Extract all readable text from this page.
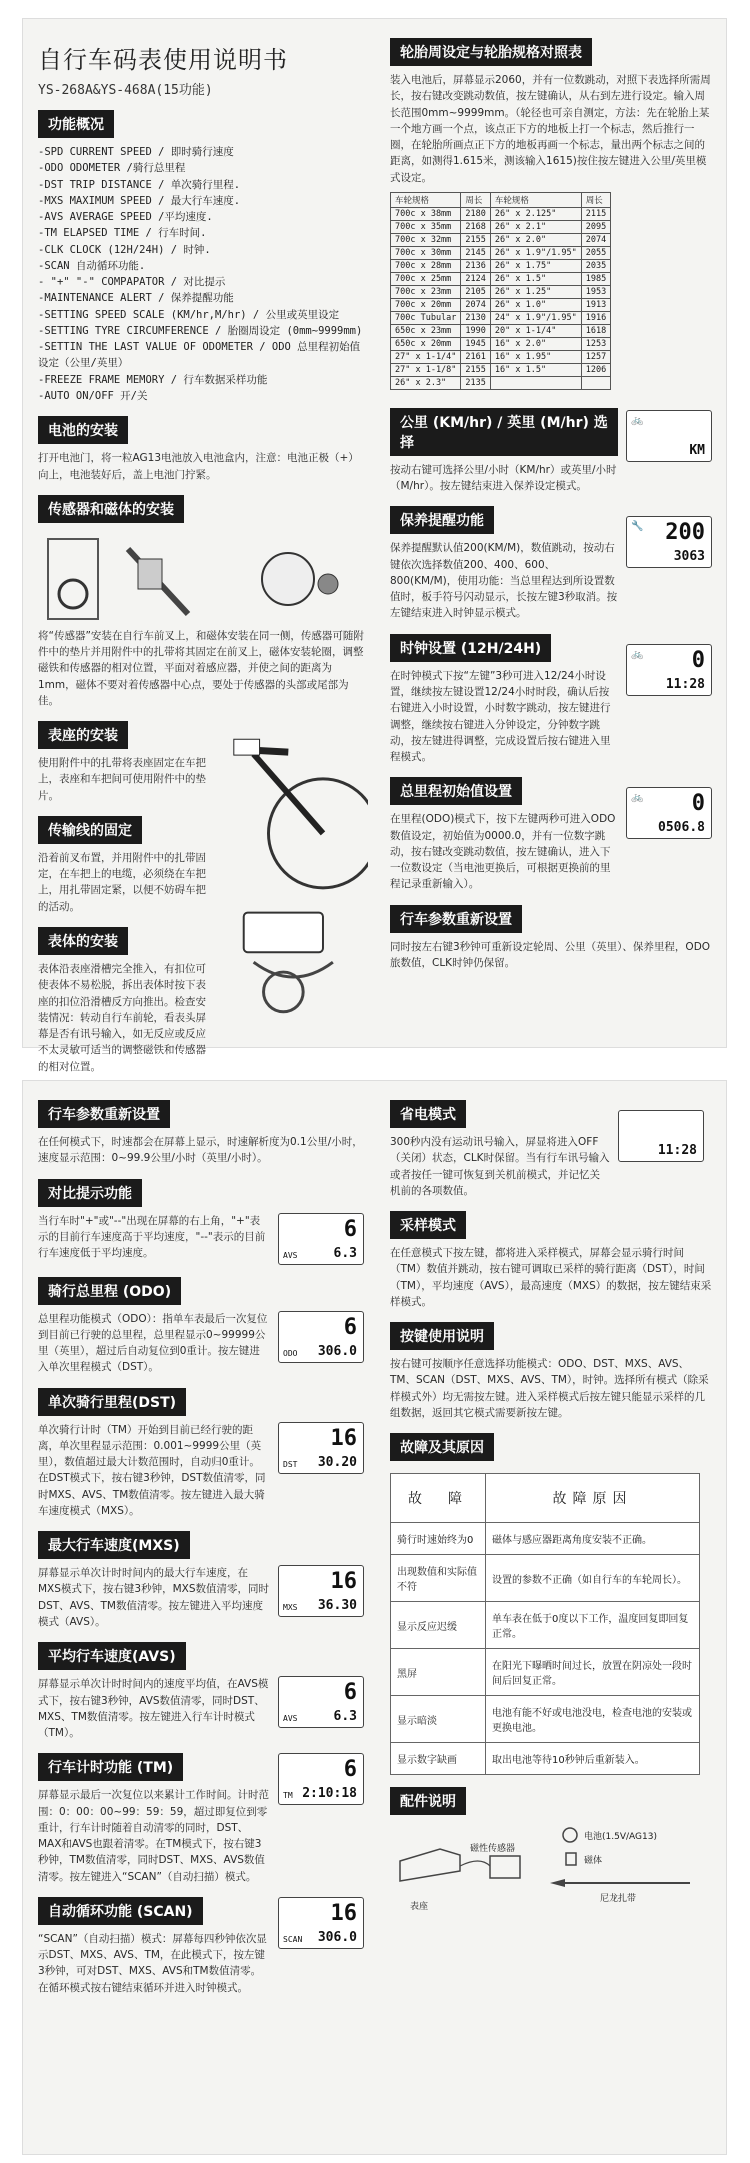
自行车码表使用说明书
YS-268A&YS-468A(15功能)
功能概况
-SPD CURRENT SPEED / 即时骑行速度
-ODO ODOMETER /骑行总里程
-DST TRIP DISTANCE / 单次骑行里程.
-MXS MAXIMUM SPEED / 最大行车速度.
-AVS AVERAGE SPEED /平均速度.
-TM ELAPSED TIME / 行车时间.
-CLK CLOCK (12H/24H) / 时钟.
-SCAN 自动循环功能.
- "+" "-" COMPAPATOR / 对比提示
-MAINTENANCE ALERT / 保养提醒功能
-SETTING SPEED SCALE (KM/hr,M/hr) / 公里或英里设定
-SETTING TYRE CIRCUMFERENCE / 胎圈周设定 (0mm~9999mm)
-SETTIN THE LAST VALUE OF ODOMETER / ODO 总里程初始值设定（公里/英里）
-FREEZE FRAME MEMORY / 行车数据采样功能
-AUTO ON/OFF 开/关
电池的安装
打开电池门，将一粒AG13电池放入电池盒内，注意：电池正极（+）向上，电池装好后，盖上电池门拧紧。
传感器和磁体的安装
将“传感器”安装在自行车前叉上，和磁体安装在同一侧，传感器可随附件中的垫片并用附件中的扎带将其固定在前叉上，磁体安装轮圈，调整磁铁和传感器的相对位置，平面对着感应器，并使之间的距离为1mm，磁体不要对着传感器中心点，要处于传感器的头部或尾部为佳。
表座的安装
使用附件中的扎带将表座固定在车把上，表座和车把间可使用附件中的垫片。
传输线的固定
沿着前叉布置，并用附件中的扎带固定，在车把上的电缆，必须绕在车把上，用扎带固定紧，以便不妨碍车把的活动。
表体的安装
表体沿表座滑槽完全推入，有扣位可使表体不易松脱，拆出表体时按下表座的扣位沿滑槽反方向推出。检查安装情况：转动自行车前轮，看表头屏幕是否有讯号输入，如无反应或反应不太灵敏可适当的调整磁铁和传感器的相对位置。
轮胎周设定与轮胎规格对照表
装入电池后，屏幕显示2060，并有一位数跳动，对照下表选择所需周长，按右键改变跳动数值，按左键确认，从右到左进行设定。输入周长范围0mm~9999mm。（轮径也可亲自测定，方法：先在轮胎上某一个地方画一个点，该点正下方的地板上打一个标志，然后推行一圈，在轮胎所画点正下方的地板再画一个标志，量出两个标志之间的距离，如测得1.615米，测该输入1615)按住按左键进入公里/英里模式设定。
车轮规格	周长	车轮规格	周长
700c x 38mm	2180	26" x 2.125"	2115
700c x 35mm	2168	26" x 2.1"	2095
700c x 32mm	2155	26" x 2.0"	2074
700c x 30mm	2145	26" x 1.9"/1.95"	2055
700c x 28mm	2136	26" x 1.75"	2035
700c x 25mm	2124	26" x 1.5"	1985
700c x 23mm	2105	26" x 1.25"	1953
700c x 20mm	2074	26" x 1.0"	1913
700c Tubular	2130	24" x 1.9"/1.95"	1916
650c x 23mm	1990	20" x 1-1/4"	1618
650c x 20mm	1945	16" x 2.0"	1253
27" x 1-1/4"	2161	16" x 1.95"	1257
27" x 1-1/8"	2155	16" x 1.5"	1206
26" x 2.3"	2135		
公里 (KM/hr) / 英里 (M/hr) 选择
按动右键可选择公里/小时（KM/hr）或英里/小时（M/hr）。按左键结束进入保养设定模式。
🚲
KM
保养提醒功能
保养提醒默认值200(KM/M)，数值跳动，按动右键依次选择数值200、400、600、800(KM/M)，使用功能：当总里程达到所设置数值时，板手符号闪动显示，长按左键3秒取消。按左键结束进入时钟显示模式。
🔧 200
3063
时钟设置 (12H/24H)
在时钟模式下按“左键”3秒可进入12/24小时设置，继续按左键设置12/24小时时段，确认后按右键进入小时设置，小时数字跳动，按左键进行调整，继续按右键进入分钟设定，分钟数字跳动，按左键进得调整，完成设置后按右键进入里程模式。
🚲 0
11:28
总里程初始值设置
在里程(ODO)模式下，按下左键两秒可进入ODO数值设定，初始值为0000.0，并有一位数字跳动，按右键改变跳动数值，按左键确认，进入下一位数设定（当电池更换后，可根据更换前的里程记录重新输入）。
🚲 0
0506.8
行车参数重新设置
同时按左右键3秒钟可重新设定轮周、公里（英里）、保养里程，ODO旅数值，CLK时钟仍保留。
行车参数重新设置
在任何模式下，时速都会在屏幕上显示，时速解析度为0.1公里/小时，速度显示范围：0~99.9公里/小时（英里/小时）。
对比提示功能
当行车时"+"或"--"出现在屏幕的右上角，"+"表示的目前行车速度高于平均速度，"--"表示的目前行车速度低于平均速度。
6
AVS	6.3
骑行总里程 (ODO)
总里程功能模式（ODO）：指单车表最后一次复位到目前已行驶的总里程，总里程显示0~99999公里（英里），超过后自动复位到0重计。按左键进入单次里程模式（DST）。
6
ODO 306.0
单次骑行里程(DST)
单次骑行计时（TM）开始到目前已经行驶的距离，单次里程显示范围：0.001~9999公里（英里），数值超过最大计数范围时，自动归0重计。在DST模式下，按右键3秒钟，DST数值清零，同时MXS、AVS、TM数值清零。按左键进入最大骑车速度模式（MXS）。
16
DST 30.20
最大行车速度(MXS)
屏幕显示单次计时时间内的最大行车速度，在MXS模式下，按右键3秒钟，MXS数值清零，同时DST、AVS、TM数值清零。按左键进入平均速度模式（AVS）。
16
MXS 36.30
平均行车速度(AVS)
屏幕显示单次计时时间内的速度平均值，在AVS模式下，按右键3秒钟，AVS数值清零，同时DST、MXS、TM数值清零。按左键进入行车计时模式（TM）。
6
AVS	6.3
行车计时功能 (TM)
屏幕显示最后一次复位以来累计工作时间。计时范围：0：00：00~99：59：59，超过即复位到零重计，行车计时随着自动清零的同时，DST、MAX和AVS也跟着清零。在TM模式下，按右键3秒钟，TM数值清零，同时DST、MXS、AVS数值清零。按左键进入“SCAN”（自动扫描）模式。
6
TM 2:10:18
自动循环功能 (SCAN)
“SCAN”（自动扫描）模式：屏幕每四秒钟依次显示DST、MXS、AVS、TM，在此模式下，按左键3秒钟，可对DST、MXS、AVS和TM数值清零。在循环模式按右键结束循环并进入时钟模式。
16
SCAN 306.0
省电模式
300秒内没有运动讯号输入，屏显将进入OFF（关闭）状态，CLK时保留。当有行车讯号输入或者按任一键可恢复到关机前模式，并记忆关机前的各项数值。
11:28
采样模式
在任意模式下按左键，都将进入采样模式，屏幕会显示骑行时间（TM）数值并跳动，按右键可调取已采样的骑行距离（DST），时间（TM），平均速度（AVS），最高速度（MXS）的数据，按左键结束采样模式。
按键使用说明
按右键可按顺序任意选择功能模式：ODO、DST、MXS、AVS、TM、SCAN（DST、MXS、AVS、TM），时钟。选择所有模式（除采样模式外）均无需按左键。进入采样模式后按左键只能显示采样的几组数据，返回其它模式需要新按左键。
故障及其原因
故　障	故障原因
骑行时速始终为0	磁体与感应器距离角度安装不正确。
出现数值和实际值不符	设置的参数不正确（如自行车的车轮周长）。
显示反应迟缓	单车表在低于0度以下工作，温度回复即回复正常。
黑屏	在阳光下曝晒时间过长，放置在阴凉处一段时间后回复正常。
显示暗淡	电池有能不好或电池没电，检查电池的安装或更换电池。
显示数字缺画	取出电池等待10秒钟后重新装入。
配件说明
表座
磁性传感器
电池(1.5V/AG13)
磁体
尼龙扎带
